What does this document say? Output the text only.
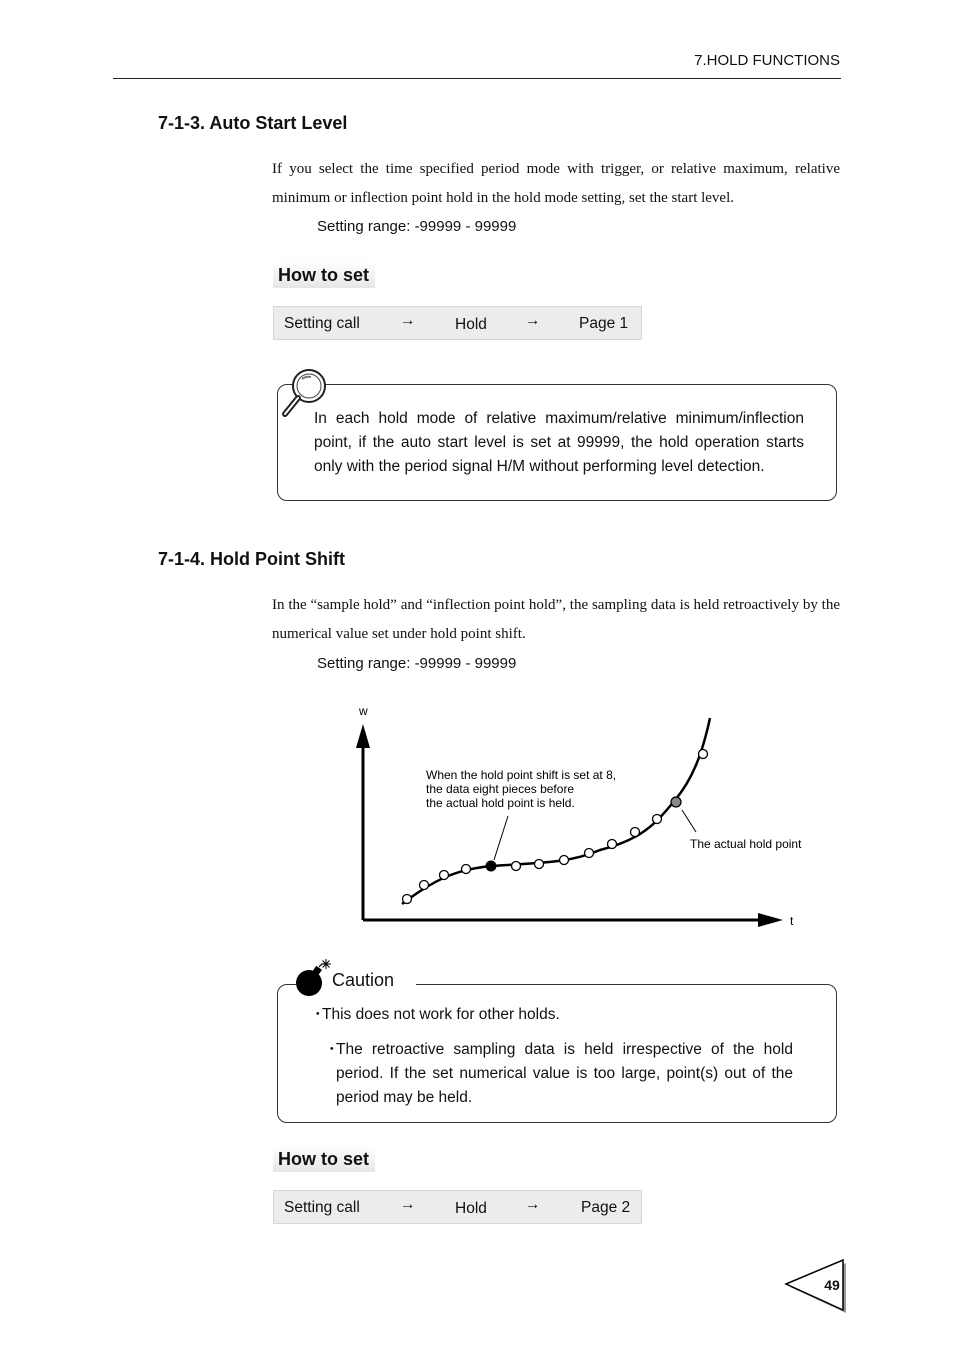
7.HOLD FUNCTIONS
7-1-3. Auto Start Level
If you select the time specified period mode with trigger, or relative maximum, relative minimum or inflection point hold in the hold mode setting, set the start level.
Setting range: -99999 - 99999
How to set
Setting call	→	Hold → Page 1
In each hold mode of relative maximum/relative minimum/inflection point, if the auto start level is set at 99999, the hold operation starts only with the period signal H/M without performing level detection.
7-1-4. Hold Point Shift
In the “sample hold” and “inflection point hold”, the sampling data is held retroactively by the numerical value set under hold point shift.
Setting range: -99999 - 99999
w
t
When the hold point shift is set at 8,
the data eight pieces before
the actual hold point is held.
The actual hold point
・
This does not work for other holds.
・
The retroactive sampling data is held irrespective of the hold period. If the set numerical value is too large, point(s) out of the period may be held.
Caution
How to set
Setting call	→	Hold →	Page 2
49
